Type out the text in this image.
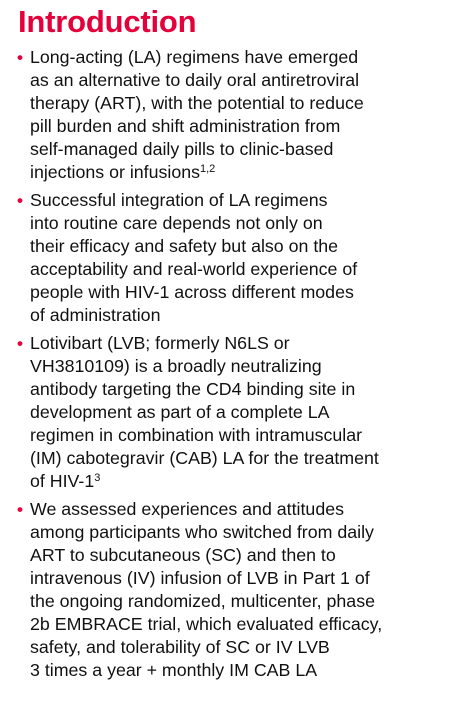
Introduction
• Long-acting (LA) regimens have emerged
as an alternative to daily oral antiretroviral
therapy (ART), with the potential to reduce
pill burden and shift administration from
self-managed daily pills to clinic-based
injections or infusions$^{1,2}$
• Successful integration of LA regimens
into routine care depends not only on
their efficacy and safety but also on the
acceptability and real-world experience of
people with HIV-1 across different modes
of administration
• Lotivibart (LVB; formerly N6LS or
VH3810109) is a broadly neutralizing
antibody targeting the CD4 binding site in
development as part of a complete LA
regimen in combination with intramuscular
(IM) cabotegravir (CAB) LA for the treatment
of HIV-$1^3$
• We assessed experiences and attitudes
among participants who switched from daily
ART to subcutaneous (SC) and then to
intravenous (IV) infusion of LVB in Part 1 of
the ongoing randomized, multicenter, phase
2b EMBRACE trial, which evaluated efficacy,
safety, and tolerability of SC or IV LVB
3 times a year + monthly IM CAB LA
